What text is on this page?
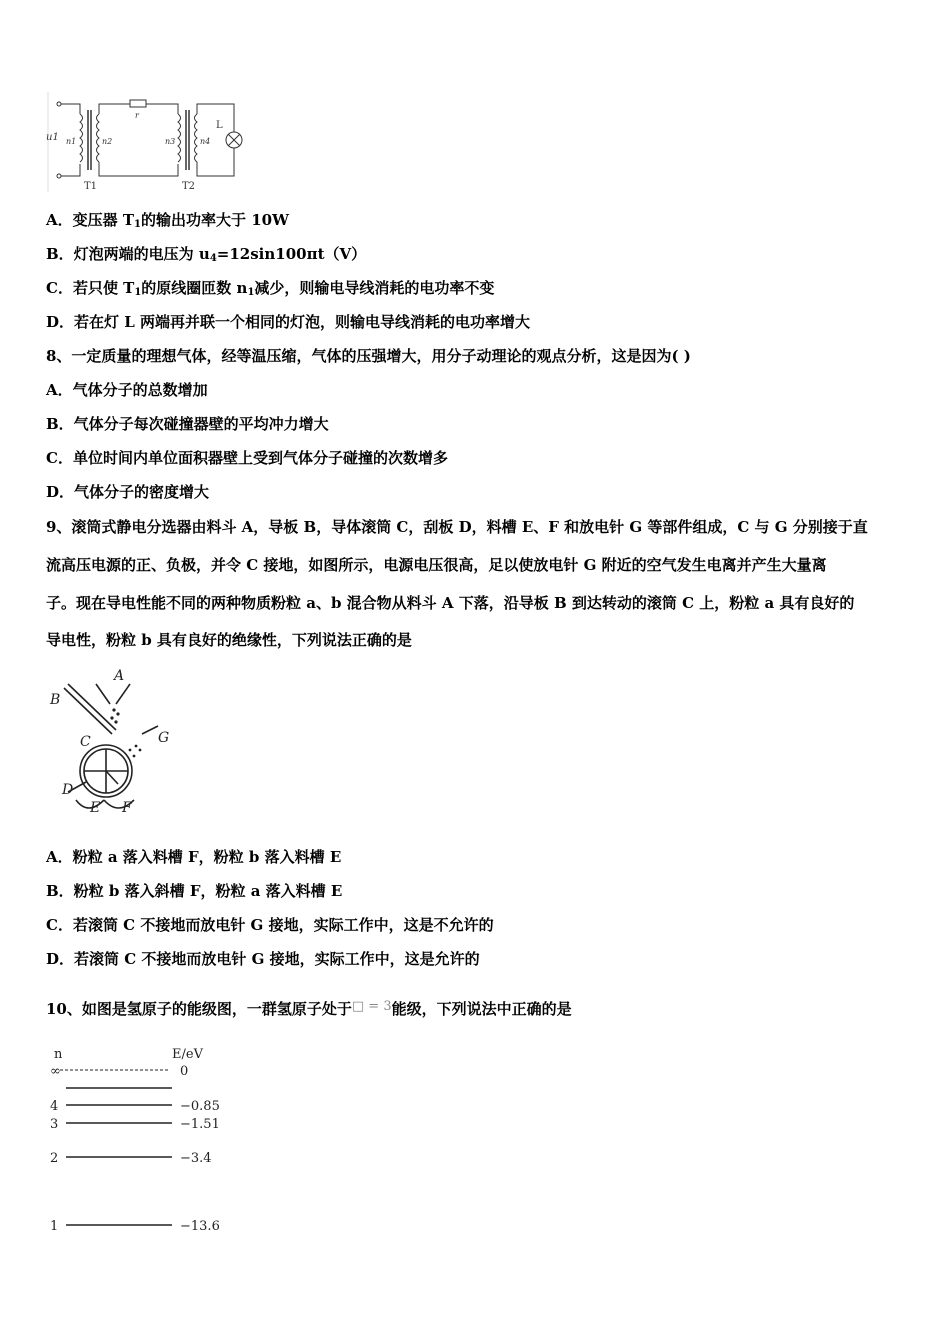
u1 n1	n2
r
n3	n4
L
T1	T2
A．变压器 $T_1$的输出功率大于 10W
B．灯泡两端的电压为 $u_4=12\sin 100\pi t(V)$
C．若只使 $T_1$的原线圈匝数 $n_1$减少，则输电导线消耗的电功率不变
D．若在灯 L 两端再并联一个相同的灯泡，则输电导线消耗的电功率增大
8、一定质量的理想气体，经等温压缩，气体的压强增大，用分子动理论的观点分析，这是因为( )
A．气体分子的总数增加
B．气体分子每次碰撞器壁的平均冲力增大
C．单位时间内单位面积器壁上受到气体分子碰撞的次数增多
D．气体分子的密度增大
9、滚筒式静电分选器由料斗 A，导板 B，导体滚筒 C，刮板 D，料槽 E、F 和放电针 G 等部件组成，C 与 G 分别接于直
流高压电源的正、负极，并令 C 接地，如图所示，电源电压很高，足以使放电针 G 附近的空气发生电离并产生大量离
子。现在导电性能不同的两种物质粉粒 a、b 混合物从料斗 A 下落，沿导板 B 到达转动的滚筒 C 上，粉粒 a 具有良好的
导电性，粉粒 b 具有良好的绝缘性，下列说法正确的是
A
B
C
D
E F
G
A．粉粒 a 落入料槽 F，粉粒 b 落入料槽 E
B．粉粒 b 落入斜槽 F，粉粒 a 落入料槽 E
C．若滚筒 C 不接地而放电针 G 接地，实际工作中，这是不允许的
D．若滚筒 C 不接地而放电针 G 接地，实际工作中，这是允许的
10、如图是氢原子的能级图，一群氢原子处于□ = 3能级，下列说法中正确的是
n	E/eV
∞	0
4	−0.85
3	−1.51
2	−3.4
1	−13.6
